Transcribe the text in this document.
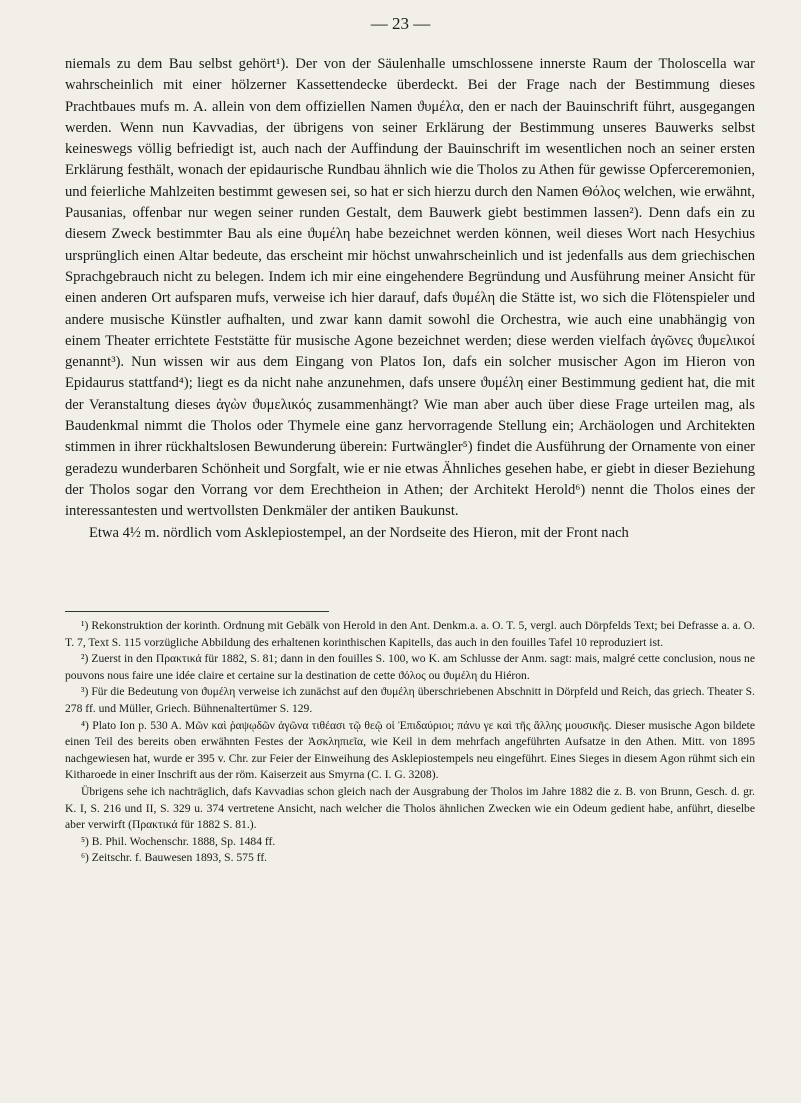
— 23 —

niemals zu dem Bau selbst gehört¹). Der von der Säulenhalle umschlossene innerste Raum der Tholoscella war wahrscheinlich mit einer hölzerner Kassettendecke überdeckt. Bei der Frage nach der Bestimmung dieses Prachtbaues mufs m. A. allein von dem offiziellen Namen ϑυμέλα, den er nach der Bauinschrift führt, ausgegangen werden. Wenn nun Kavvadias, der übrigens von seiner Erklärung der Bestimmung unseres Bauwerks selbst keineswegs völlig befriedigt ist, auch nach der Auffindung der Bauinschrift im wesentlichen noch an seiner ersten Erklärung festhält, wonach der epidaurische Rundbau ähnlich wie die Tholos zu Athen für gewisse Opferceremonien, und feierliche Mahlzeiten bestimmt gewesen sei, so hat er sich hierzu durch den Namen Θόλος welchen, wie erwähnt, Pausanias, offenbar nur wegen seiner runden Gestalt, dem Bauwerk giebt bestimmen lassen²). Denn dafs ein zu diesem Zweck bestimmter Bau als eine ϑυμέλη habe bezeichnet werden können, weil dieses Wort nach Hesychius ursprünglich einen Altar bedeute, das erscheint mir höchst unwahrscheinlich und ist jedenfalls aus dem griechischen Sprachgebrauch nicht zu belegen. Indem ich mir eine eingehendere Begründung und Ausführung meiner Ansicht für einen anderen Ort aufsparen mufs, verweise ich hier darauf, dafs ϑυμέλη die Stätte ist, wo sich die Flötenspieler und andere musische Künstler aufhalten, und zwar kann damit sowohl die Orchestra, wie auch eine unabhängig von einem Theater errichtete Feststätte für musische Agone bezeichnet werden; diese werden vielfach ἀγῶνες ϑυμελικοί genannt³). Nun wissen wir aus dem Eingang von Platos Ion, dafs ein solcher musischer Agon im Hieron von Epidaurus stattfand⁴); liegt es da nicht nahe anzunehmen, dafs unsere ϑυμέλη einer Bestimmung gedient hat, die mit der Veranstaltung dieses ἀγὼν ϑυμελικός zusammenhängt? Wie man aber auch über diese Frage urteilen mag, als Baudenkmal nimmt die Tholos oder Thymele eine ganz hervorragende Stellung ein; Archäologen und Architekten stimmen in ihrer rückhaltslosen Bewunderung überein: Furtwängler⁵) findet die Ausführung der Ornamente von einer geradezu wunderbaren Schönheit und Sorgfalt, wie er nie etwas Ähnliches gesehen habe, er giebt in dieser Beziehung der Tholos sogar den Vorrang vor dem Erechtheion in Athen; der Architekt Herold⁶) nennt die Tholos eines der interessantesten und wertvollsten Denkmäler der antiken Baukunst.

Etwa 4½ m. nördlich vom Asklepiostempel, an der Nordseite des Hieron, mit der Front nach

¹) Rekonstruktion der korinth. Ordnung mit Gebälk von Herold in den Ant. Denkm.a. a. O. T. 5, vergl. auch Dörpfelds Text; bei Defrasse a. a. O. T. 7, Text S. 115 vorzügliche Abbildung des erhaltenen korinthischen Kapitells, das auch in den fouilles Tafel 10 reproduziert ist.

²) Zuerst in den Πρακτικά für 1882, S. 81; dann in den fouilles S. 100, wo K. am Schlusse der Anm. sagt: mais, malgré cette conclusion, nous ne pouvons nous faire une idée claire et certaine sur la destination de cette ϑόλος ou ϑυμέλη du Hiéron.

³) Für die Bedeutung von ϑυμέλη verweise ich zunächst auf den ϑυμέλη überschriebenen Abschnitt in Dörpfeld und Reich, das griech. Theater S. 278 ff. und Müller, Griech. Bühnenaltertümer S. 129.

⁴) Plato Ion p. 530 A. Μῶν καὶ ῥαψῳδῶν ἀγῶνα τιθέασι τῷ θεῷ οἱ Ἐπιδαύριοι; πάνυ γε καὶ τῆς ἄλλης μουσικῆς. Dieser musische Agon bildete einen Teil des bereits oben erwähnten Festes der Ἀσκληπιεῖα, wie Keil in dem mehrfach angeführten Aufsatze in den Athen. Mitt. von 1895 nachgewiesen hat, wurde er 395 v. Chr. zur Feier der Einweihung des Asklepiostempels neu eingeführt. Eines Sieges in diesem Agon rühmt sich ein Kitharoede in einer Inschrift aus der röm. Kaiserzeit aus Smyrna (C. I. G. 3208).

Übrigens sehe ich nachträglich, dafs Kavvadias schon gleich nach der Ausgrabung der Tholos im Jahre 1882 die z. B. von Brunn, Gesch. d. gr. K. I, S. 216 und II, S. 329 u. 374 vertretene Ansicht, nach welcher die Tholos ähnlichen Zwecken wie ein Odeum gedient habe, anführt, dieselbe aber verwirft (Πρακτικά für 1882 S. 81.).

⁵) B. Phil. Wochenschr. 1888, Sp. 1484 ff.

⁶) Zeitschr. f. Bauwesen 1893, S. 575 ff.
